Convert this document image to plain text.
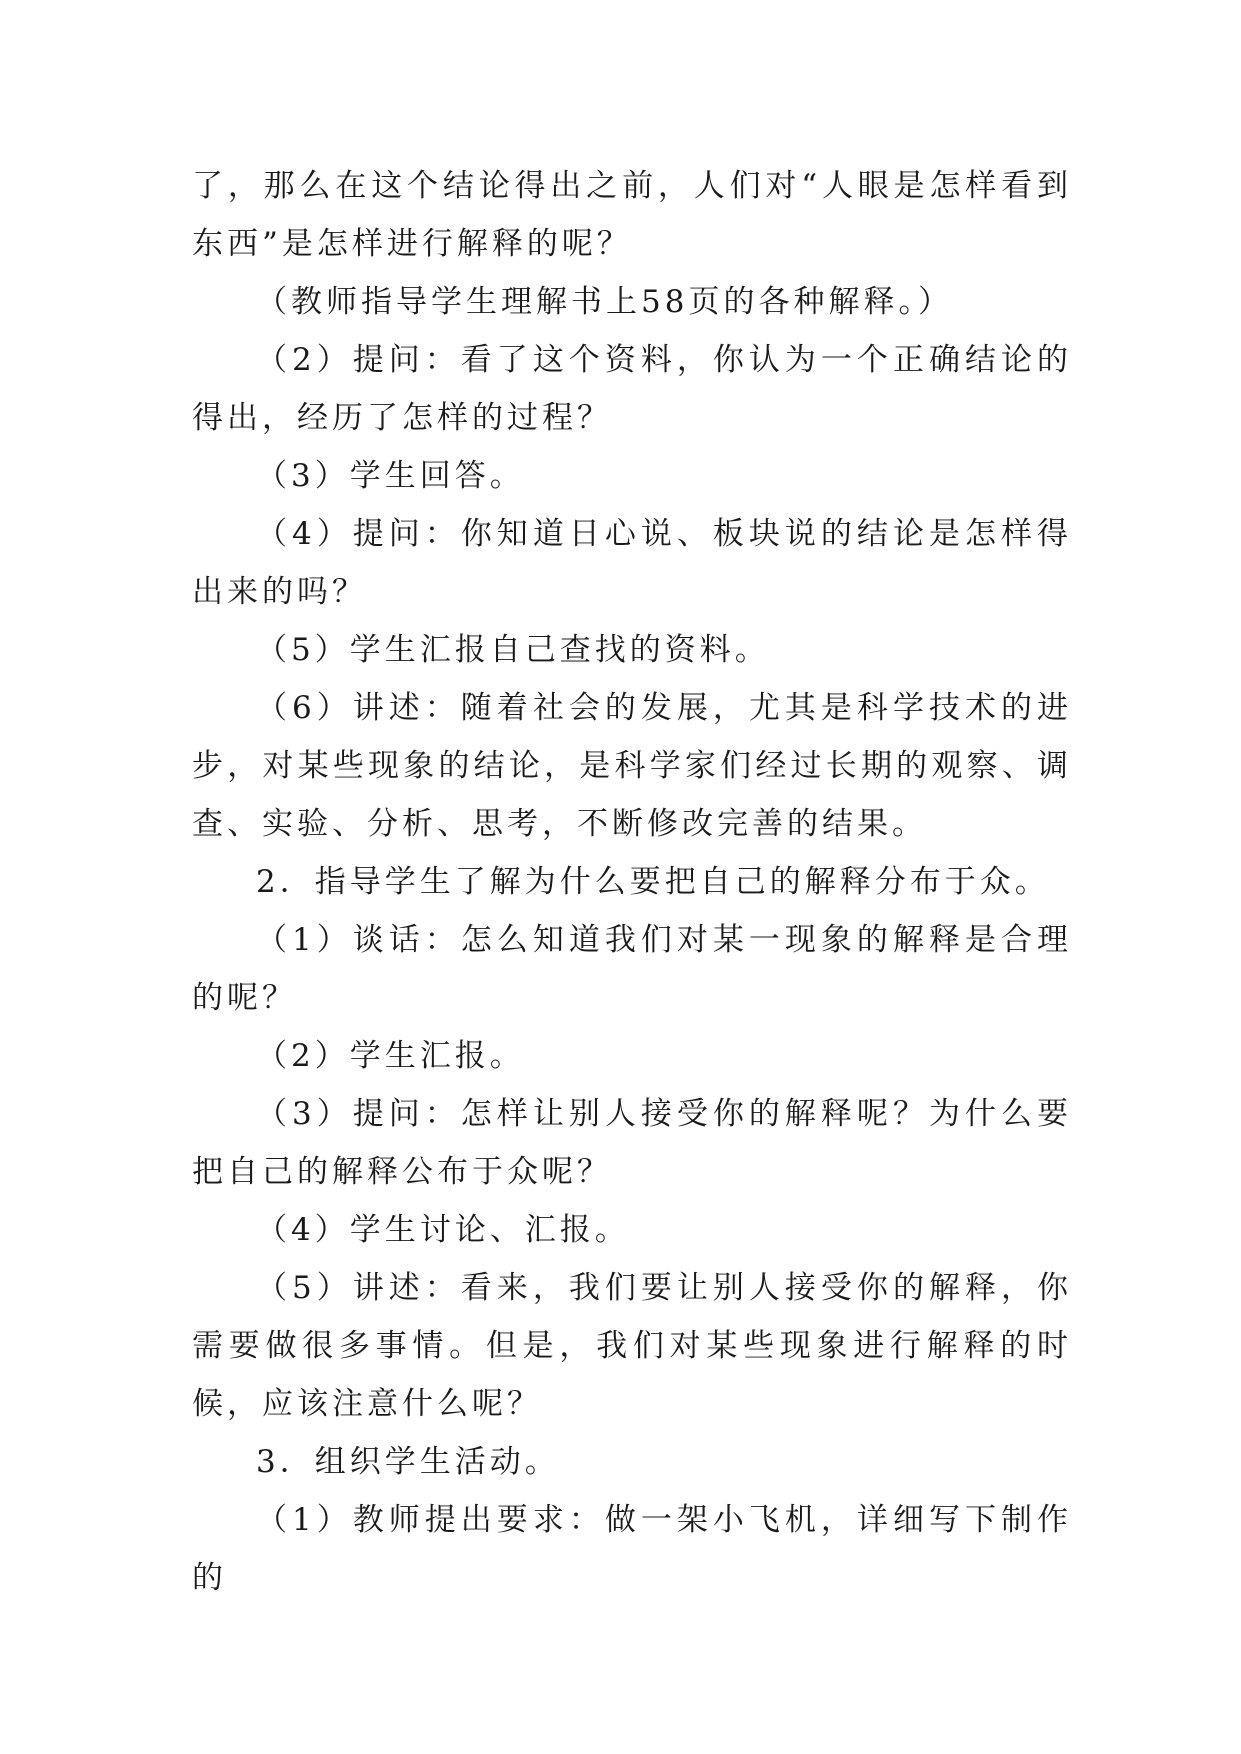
了，那么在这个结论得出之前，人们对“人眼是怎样看到东西”是怎样进行解释的呢？

（教师指导学生理解书上58页的各种解释。）

（2）提问：看了这个资料，你认为一个正确结论的得出，经历了怎样的过程？

（3）学生回答。

（4）提问：你知道日心说、板块说的结论是怎样得出来的吗？

（5）学生汇报自己查找的资料。

（6）讲述：随着社会的发展，尤其是科学技术的进步，对某些现象的结论，是科学家们经过长期的观察、调查、实验、分析、思考，不断修改完善的结果。

2．指导学生了解为什么要把自己的解释分布于众。

（1）谈话：怎么知道我们对某一现象的解释是合理的呢？

（2）学生汇报。

（3）提问：怎样让别人接受你的解释呢？为什么要把自己的解释公布于众呢？

（4）学生讨论、汇报。

（5）讲述：看来，我们要让别人接受你的解释，你需要做很多事情。但是，我们对某些现象进行解释的时候，应该注意什么呢？

3．组织学生活动。

（1）教师提出要求：做一架小飞机，详细写下制作的
